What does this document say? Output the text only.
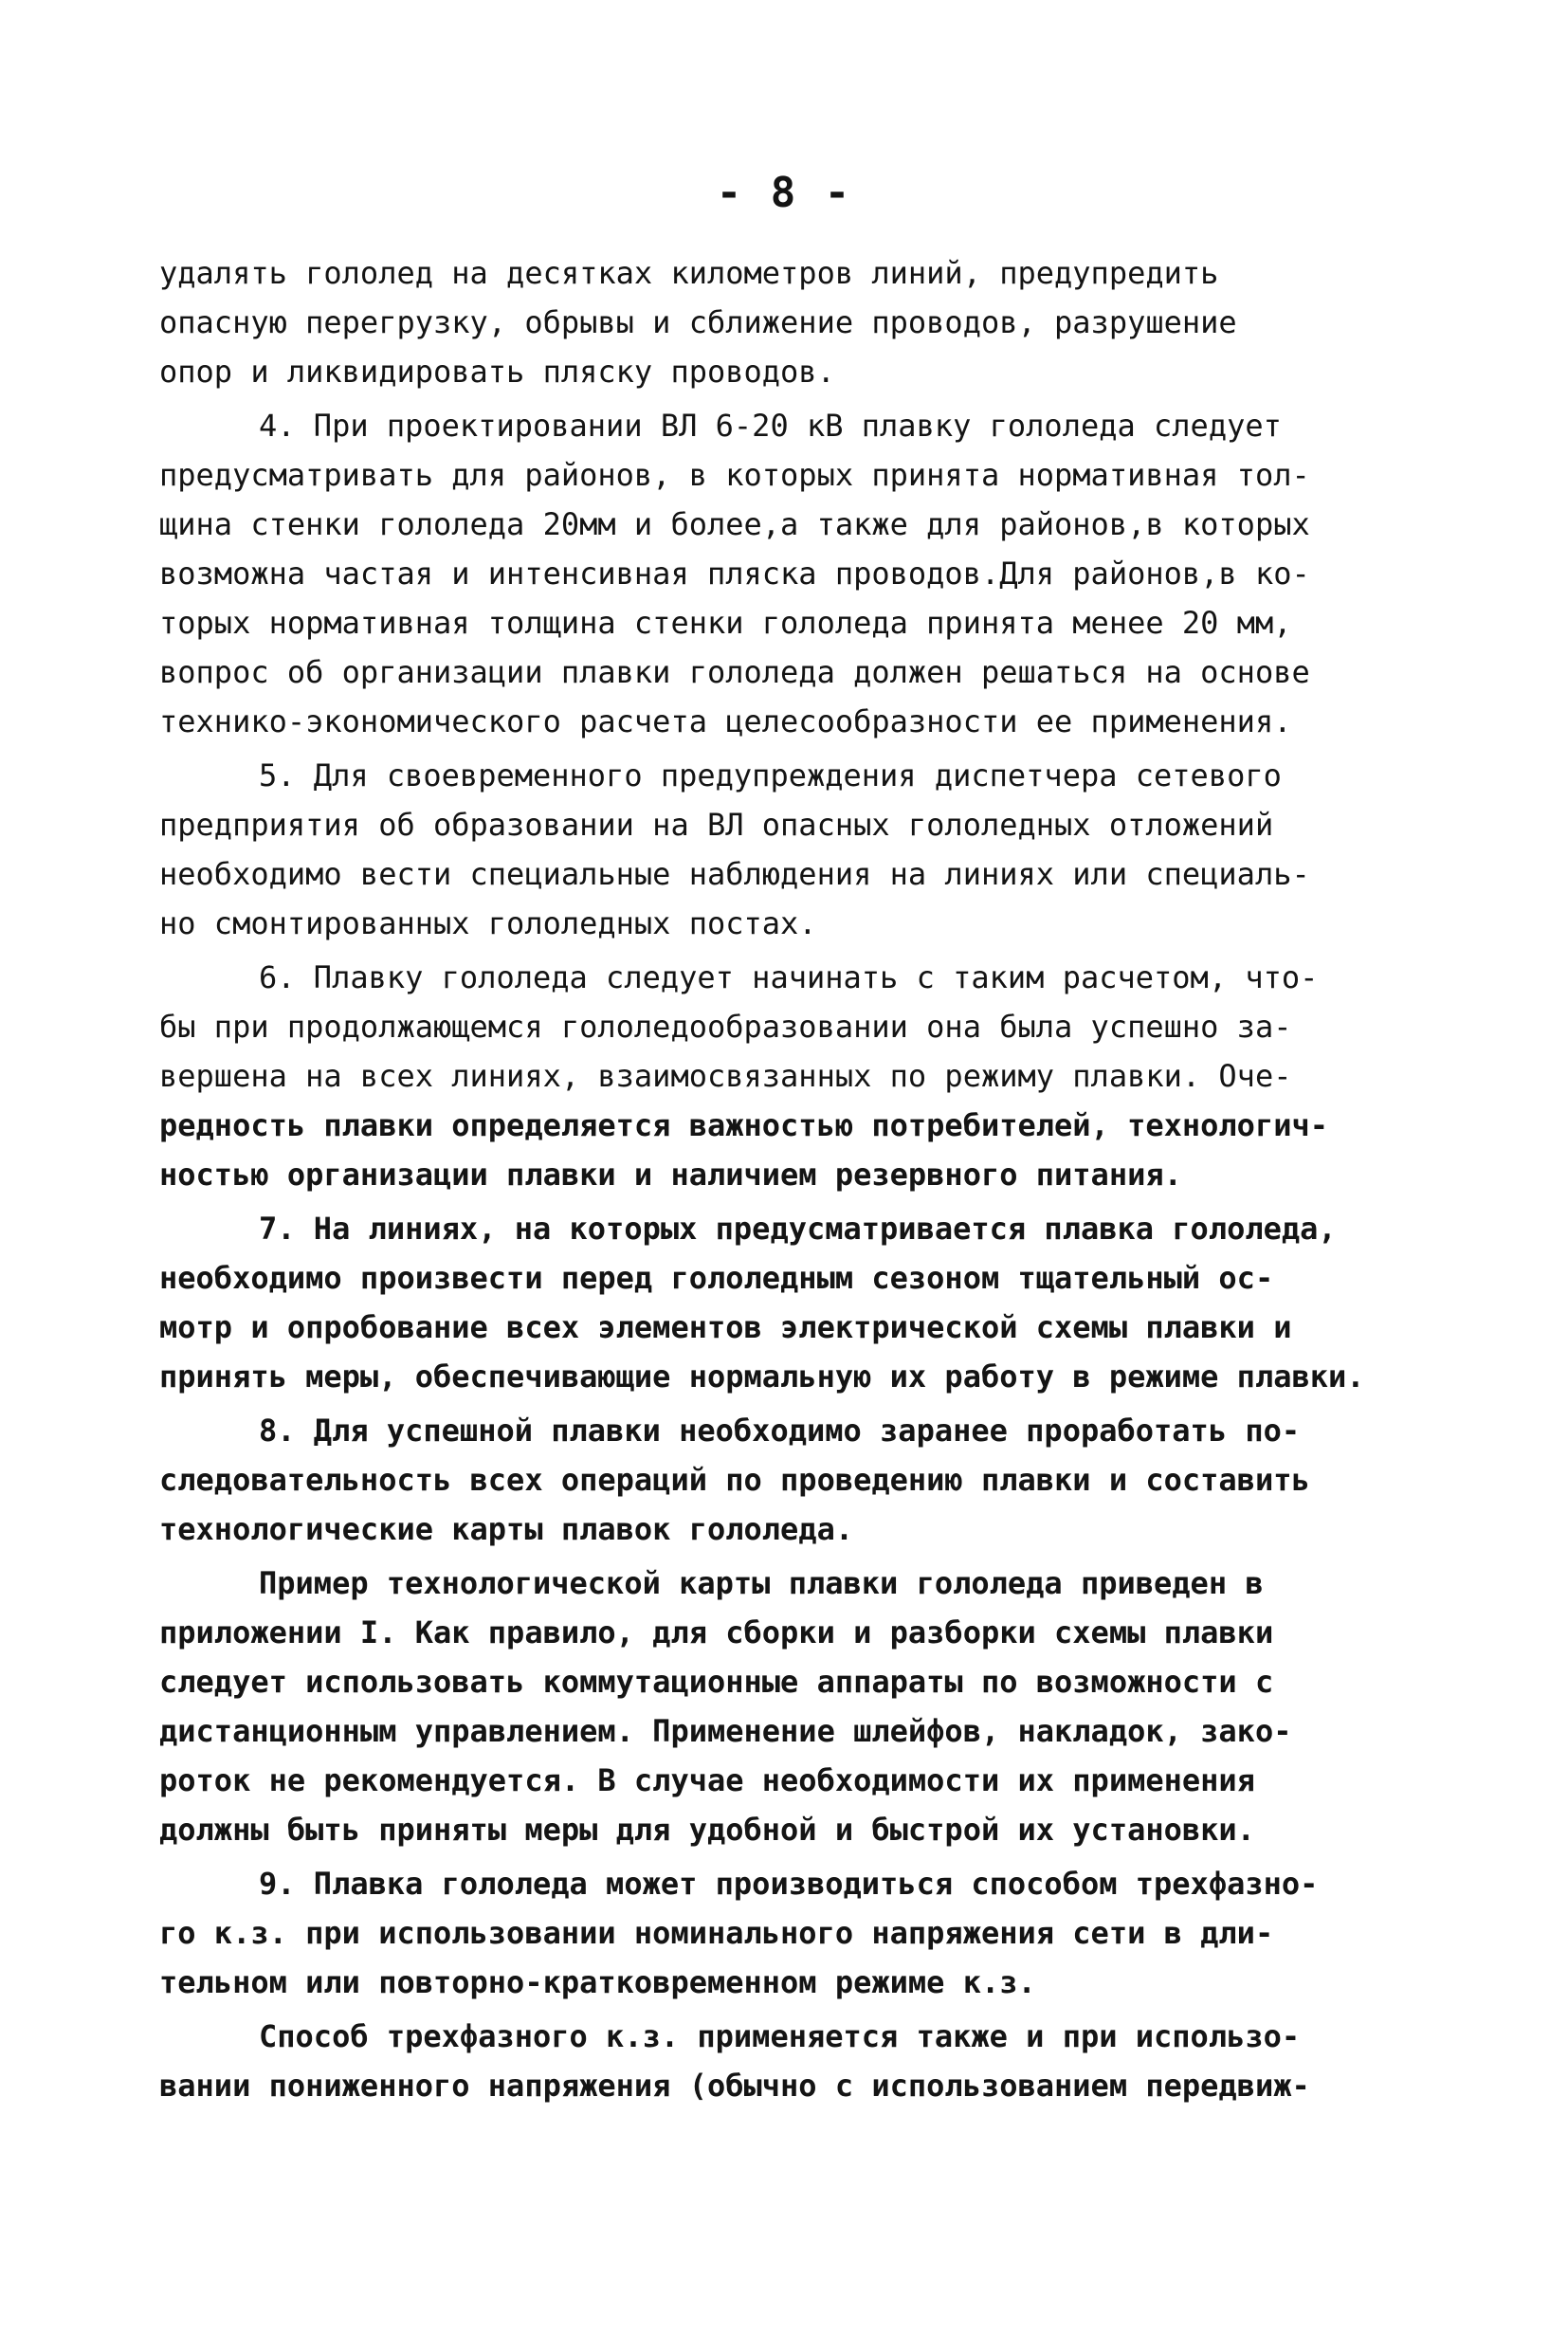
- 8 -

удалять гололед на десятках километров линий, предупредить
опасную перегрузку, обрывы и сближение проводов, разрушение
опор и ликвидировать пляску проводов.
4. При проектировании ВЛ 6-20 кВ плавку гололеда следует
предусматривать для районов, в которых принята нормативная тол-
щина стенки гололеда 20мм и более,а также для районов,в которых
возможна частая и интенсивная пляска проводов.Для районов,в ко-
торых нормативная толщина стенки гололеда принята менее 20 мм,
вопрос об организации плавки гололеда должен решаться на основе
технико-экономического расчета целесообразности ее применения.
5. Для своевременного предупреждения диспетчера сетевого
предприятия об образовании на ВЛ опасных гололедных отложений
необходимо вести специальные наблюдения на линиях или специаль-
но смонтированных гололедных постах.
6. Плавку гололеда следует начинать с таким расчетом, что-
бы при продолжающемся гололедообразовании она была успешно за-
вершена на всех линиях, взаимосвязанных по режиму плавки. Оче-
редность плавки определяется важностью потребителей, технологич-
ностью организации плавки и наличием резервного питания.
7. На линиях, на которых предусматривается плавка гололеда,
необходимо произвести перед гололедным сезоном тщательный ос-
мотр и опробование всех элементов электрической схемы плавки и
принять меры, обеспечивающие нормальную их работу в режиме плавки.
8. Для успешной плавки необходимо заранее проработать по-
следовательность всех операций по проведению плавки и составить
технологические карты плавок гололеда.
Пример технологической карты плавки гололеда приведен в
приложении I. Как правило, для сборки и разборки схемы плавки
следует использовать коммутационные аппараты по возможности с
дистанционным управлением. Применение шлейфов, накладок, зако-
роток не рекомендуется. В случае необходимости их применения
должны быть приняты меры для удобной и быстрой их установки.
9. Плавка гололеда может производиться способом трехфазно-
го к.з. при использовании номинального напряжения сети в дли-
тельном или повторно-кратковременном режиме к.з.
Способ трехфазного к.з. применяется также и при использо-
вании пониженного напряжения (обычно с использованием передвиж-
